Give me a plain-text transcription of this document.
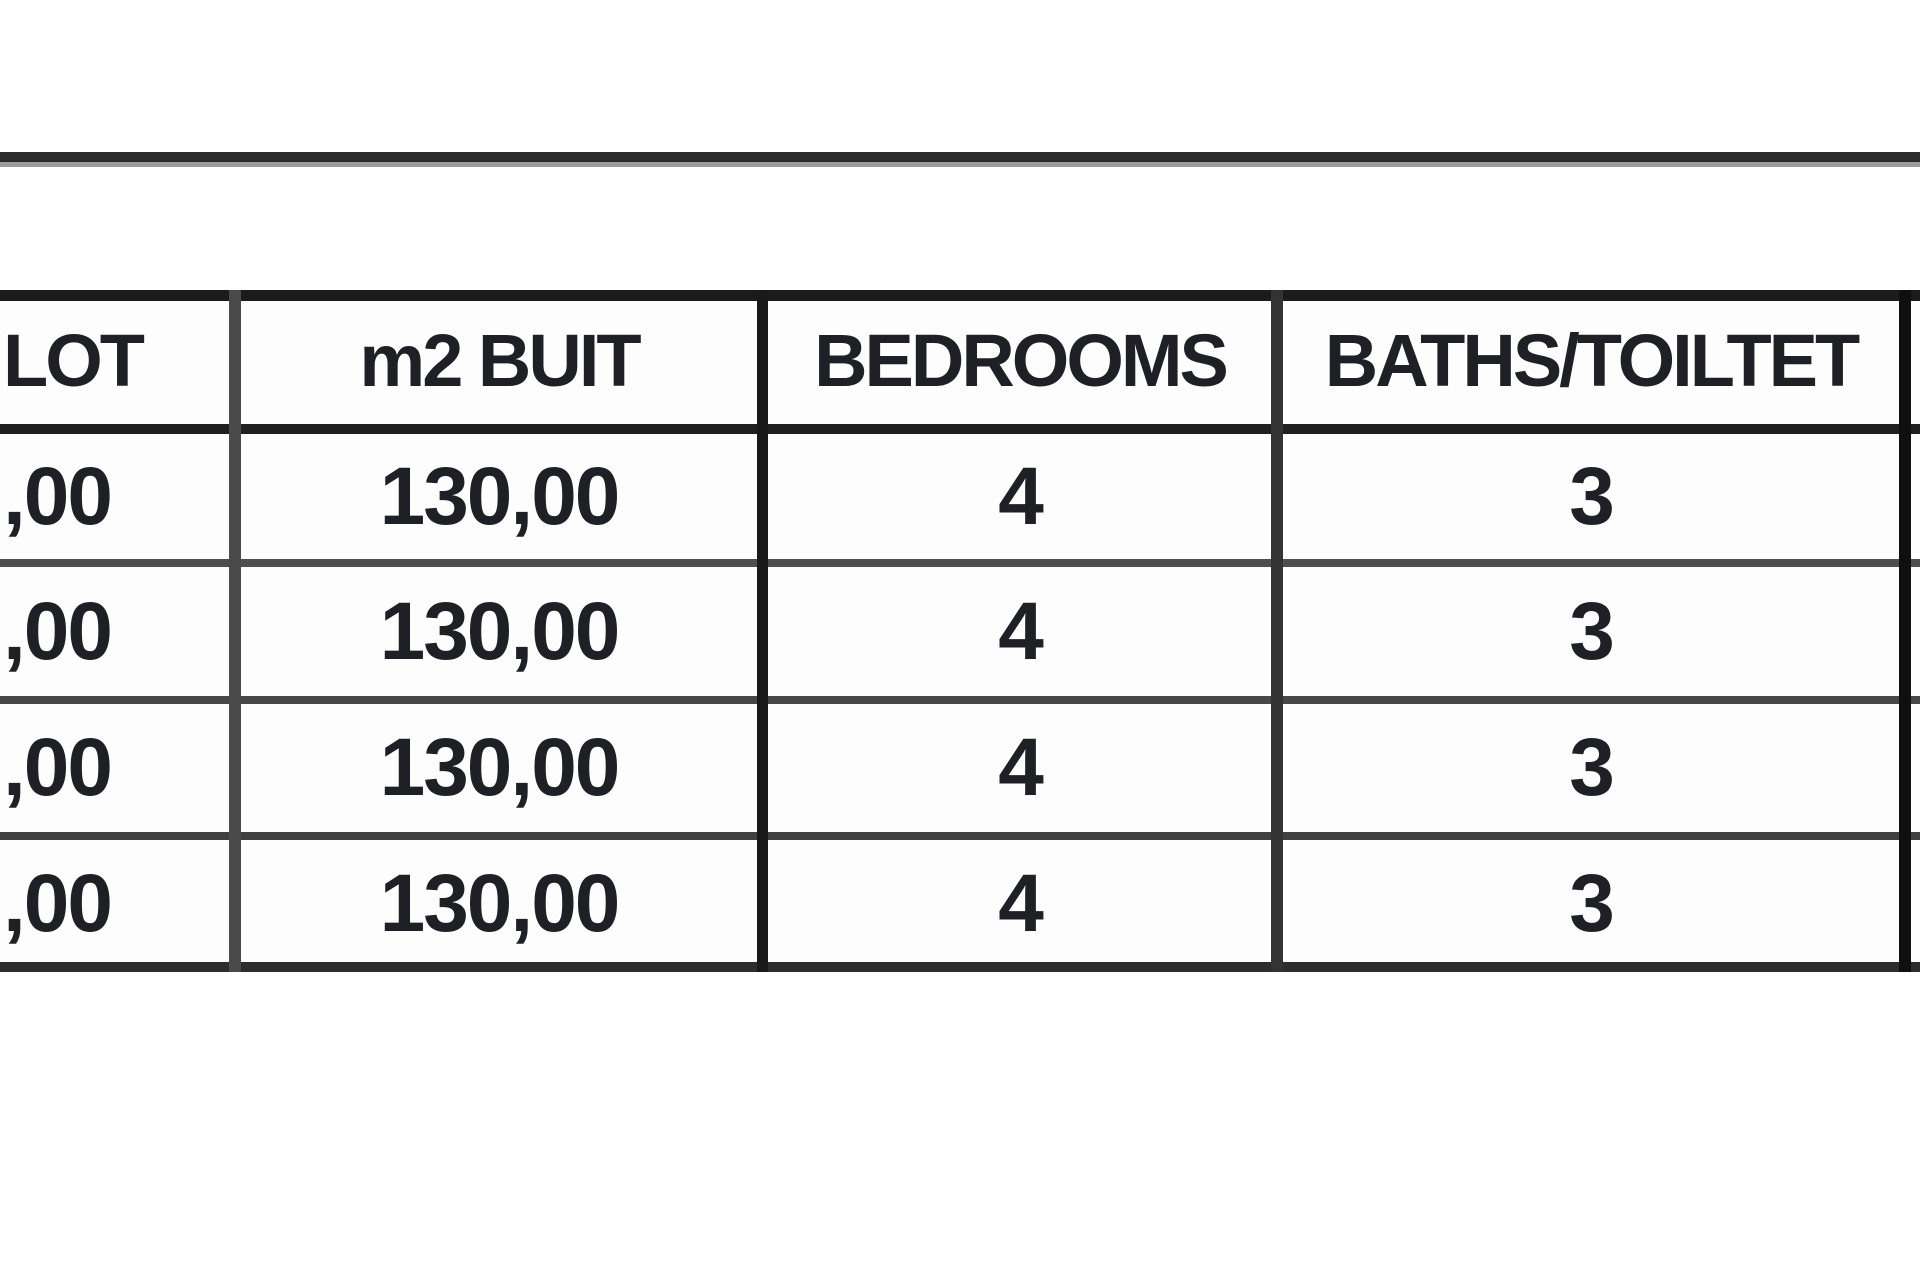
LOT	m2 BUIT	BEDROOMS	BATHS/TOILTET
,00	130,00	4	3
,00	130,00	4	3
,00	130,00	4	3
,00	130,00	4	3
